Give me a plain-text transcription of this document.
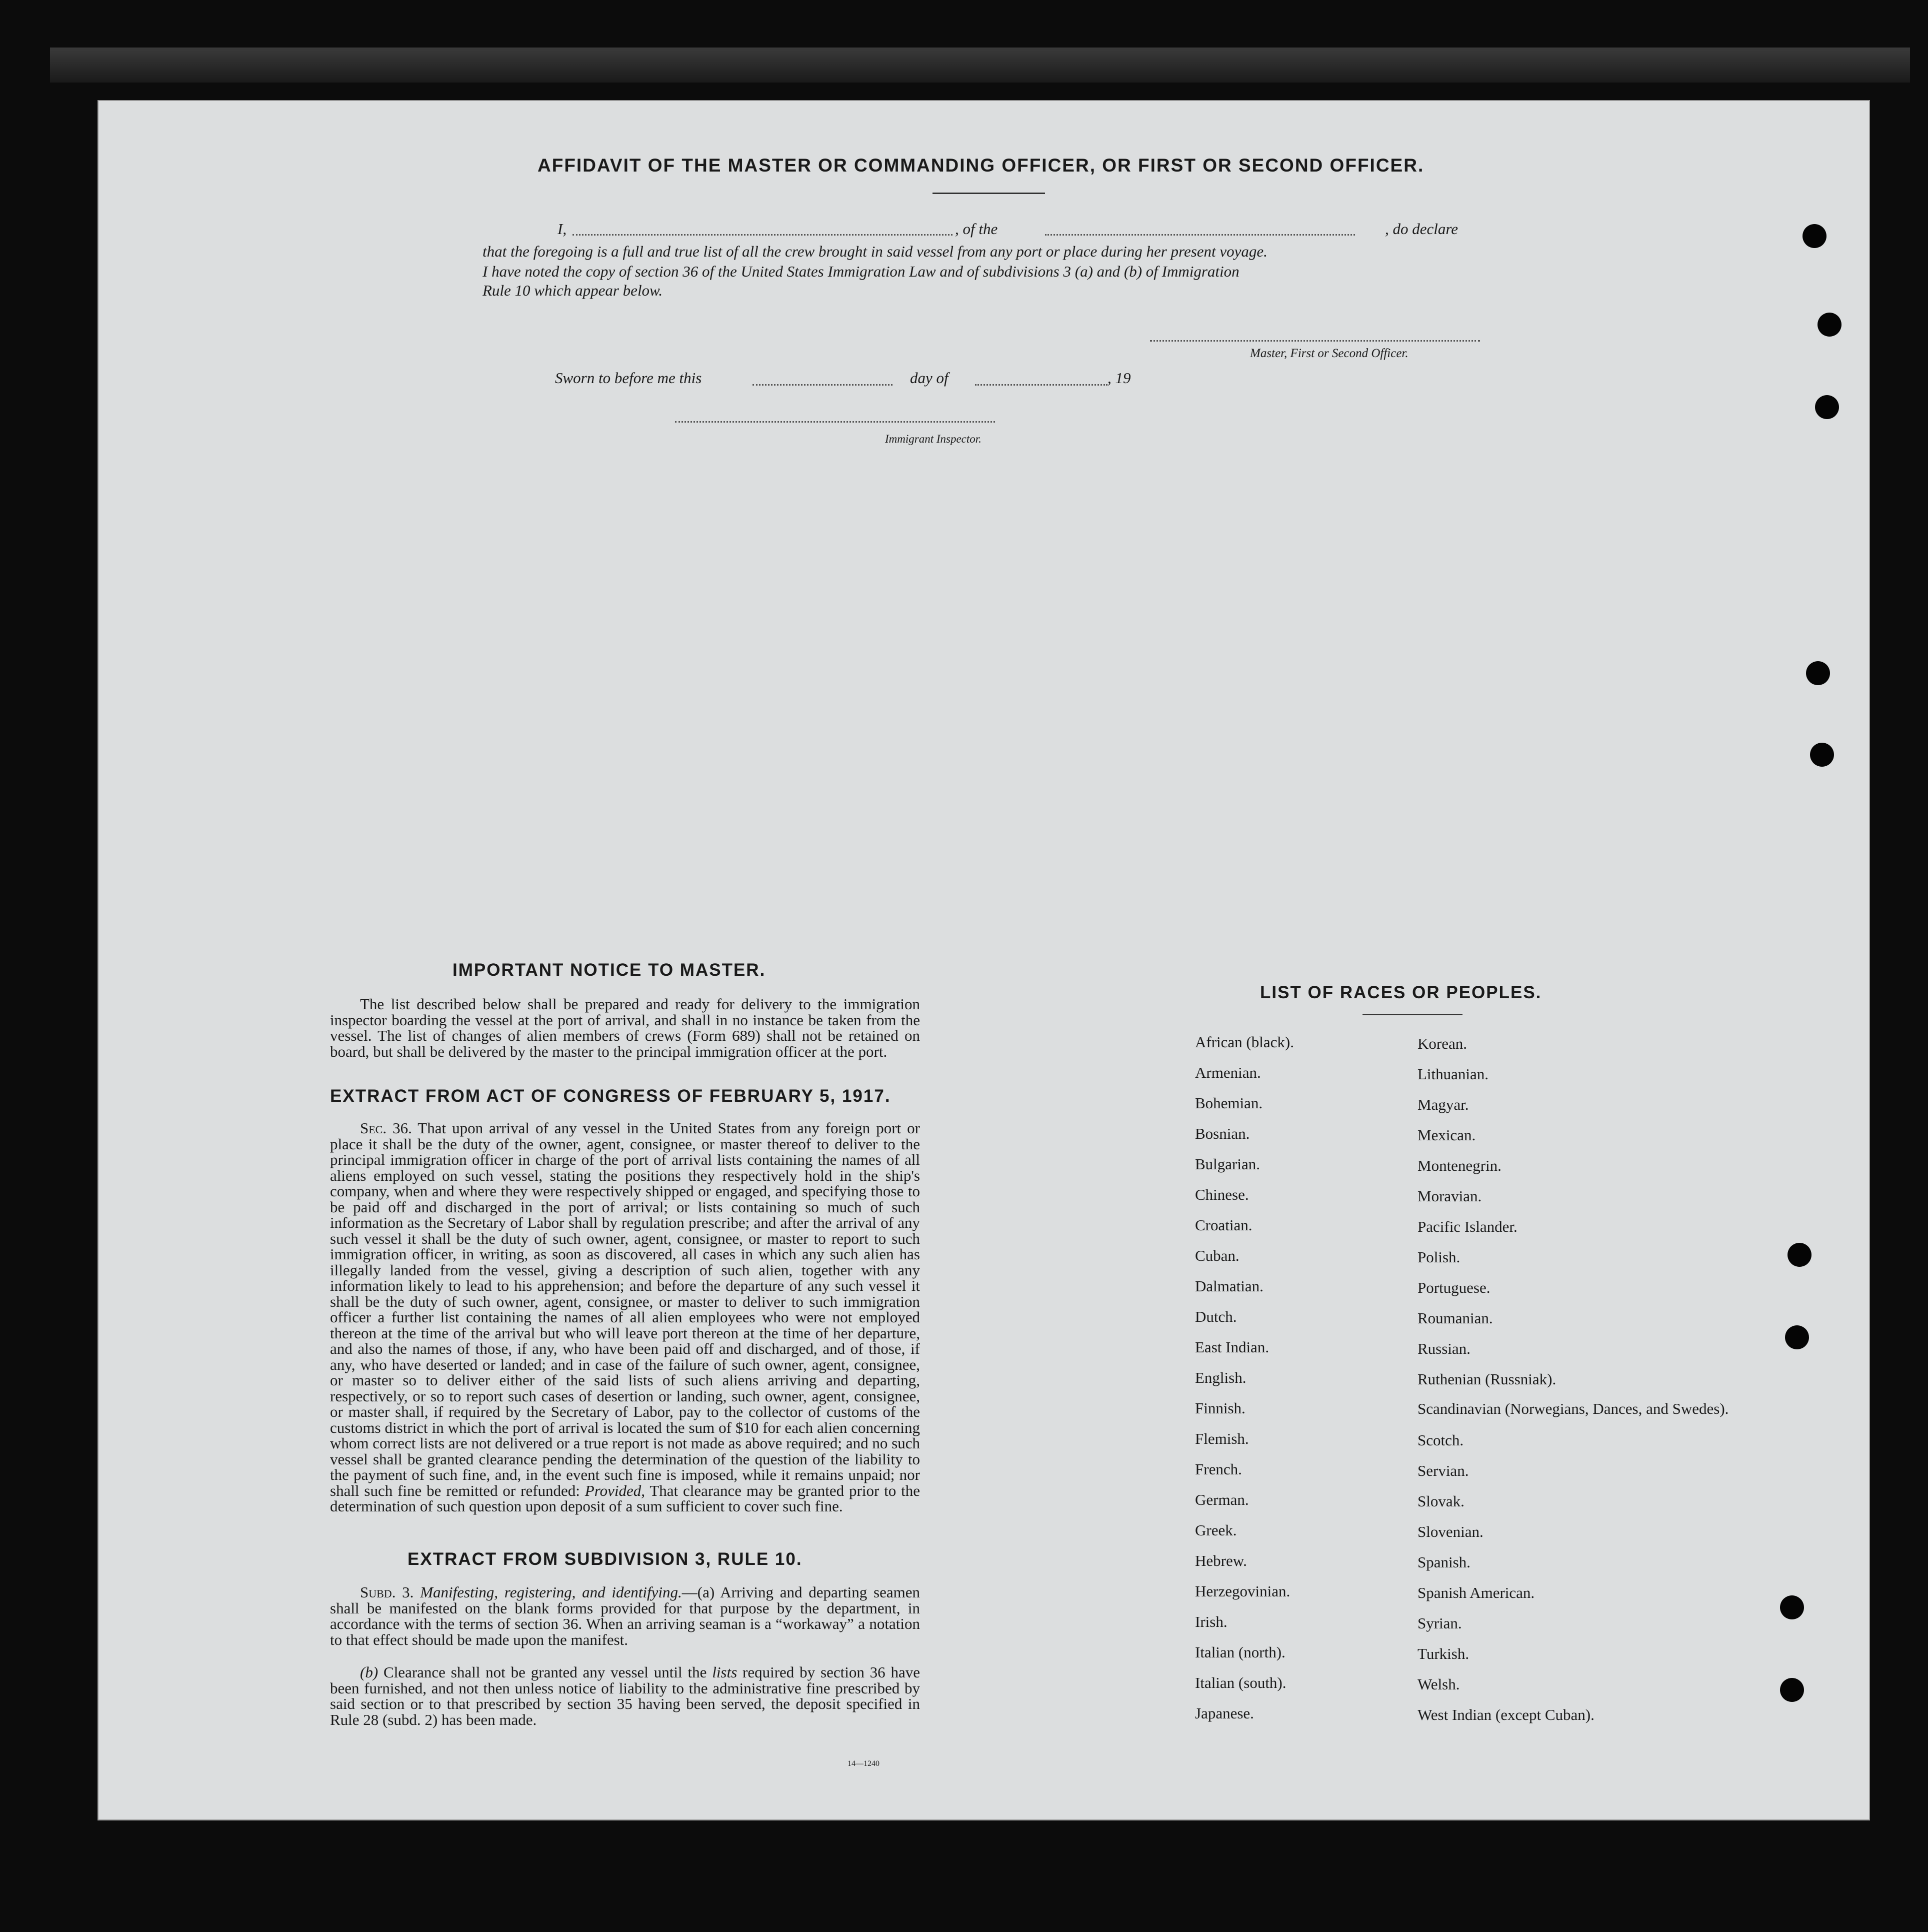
AFFIDAVIT OF THE MASTER OR COMMANDING OFFICER, OR FIRST OR SECOND OFFICER.
I,	, of the	, do declare
that the foregoing is a full and true list of all the crew brought in said vessel from any port or place during her present voyage.
I have noted the copy of section 36 of the United States Immigration Law and of subdivisions 3 (a) and (b) of Immigration
Rule 10 which appear below.
Master, First or Second Officer.
Sworn to before me this	day of	, 19
Immigrant Inspector.
IMPORTANT NOTICE TO MASTER.
The list described below shall be prepared and ready for delivery to the immigration inspector boarding the vessel at the port of arrival, and shall in no instance be taken from the vessel. The list of changes of alien members of crews (Form 689) shall not be retained on board, but shall be delivered by the master to the principal immigration officer at the port.
EXTRACT FROM ACT OF CONGRESS OF FEBRUARY 5, 1917.
Sec. 36. That upon arrival of any vessel in the United States from any foreign port or place it shall be the duty of the owner, agent, consignee, or master thereof to deliver to the principal immigration officer in charge of the port of arrival lists containing the names of all aliens employed on such vessel, stating the positions they respectively hold in the ship's company, when and where they were respectively shipped or engaged, and specifying those to be paid off and discharged in the port of arrival; or lists containing so much of such information as the Secretary of Labor shall by regulation prescribe; and after the arrival of any such vessel it shall be the duty of such owner, agent, consignee, or master to report to such immigration officer, in writing, as soon as discovered, all cases in which any such alien has illegally landed from the vessel, giving a description of such alien, together with any information likely to lead to his apprehension; and before the departure of any such vessel it shall be the duty of such owner, agent, consignee, or master to deliver to such immigration officer a further list containing the names of all alien employees who were not employed thereon at the time of the arrival but who will leave port thereon at the time of her departure, and also the names of those, if any, who have been paid off and discharged, and of those, if any, who have deserted or landed; and in case of the failure of such owner, agent, consignee, or master so to deliver either of the said lists of such aliens arriving and departing, respectively, or so to report such cases of desertion or landing, such owner, agent, consignee, or master shall, if required by the Secretary of Labor, pay to the collector of customs of the customs district in which the port of arrival is located the sum of $10 for each alien concerning whom correct lists are not delivered or a true report is not made as above required; and no such vessel shall be granted clearance pending the determination of the question of the liability to the payment of such fine, and, in the event such fine is imposed, while it remains unpaid; nor shall such fine be remitted or refunded: Provided, That clearance may be granted prior to the determination of such question upon deposit of a sum sufficient to cover such fine.
EXTRACT FROM SUBDIVISION 3, RULE 10.
Subd. 3. Manifesting, registering, and identifying.—(a) Arriving and departing seamen shall be manifested on the blank forms provided for that purpose by the department, in accordance with the terms of section 36. When an arriving seaman is a “workaway” a notation to that effect should be made upon the manifest.
(b) Clearance shall not be granted any vessel until the lists required by section 36 have been furnished, and not then unless notice of liability to the administrative fine prescribed by said section or to that prescribed by section 35 having been served, the deposit specified in Rule 28 (subd. 2) has been made.
14—1240
LIST OF RACES OR PEOPLES.
African (black).
Armenian.
Bohemian.
Bosnian.
Bulgarian.
Chinese.
Croatian.
Cuban.
Dalmatian.
Dutch.
East Indian.
English.
Finnish.
Flemish.
French.
German.
Greek.
Hebrew.
Herzegovinian.
Irish.
Italian (north).
Italian (south).
Japanese.
Korean.
Lithuanian.
Magyar.
Mexican.
Montenegrin.
Moravian.
Pacific Islander.
Polish.
Portuguese.
Roumanian.
Russian.
Ruthenian (Russniak).
Scandinavian (Norwegians, Dances, and Swedes).
Scotch.
Servian.
Slovak.
Slovenian.
Spanish.
Spanish American.
Syrian.
Turkish.
Welsh.
West Indian (except Cuban).
